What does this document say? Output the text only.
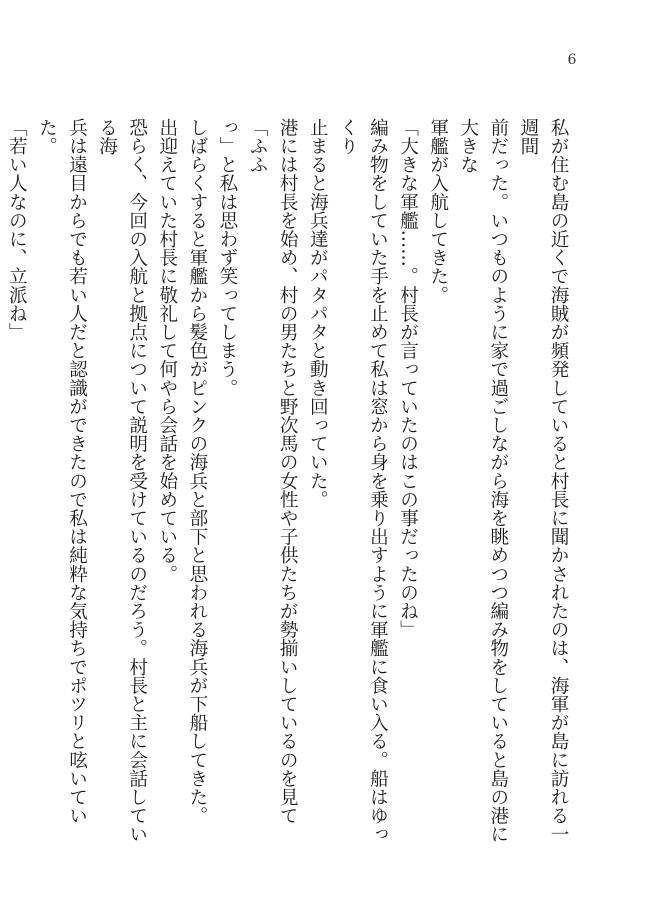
6

私が住む島の近くで海賊が頻発していると村長に聞かされたのは、海軍が島に訪れる一週間

前だった。いつものように家で過ごしながら海を眺めつつ編み物をしていると島の港に大きな

軍艦が入航してきた。

「大きな軍艦……。村長が言っていたのはこの事だったのね」

編み物をしていた手を止めて私は窓から身を乗り出すように軍艦に食い入る。船はゆっくり

止まると海兵達がパタパタと動き回っていた。

港には村長を始め、村の男たちと野次馬の女性や子供たちが勢揃いしているのを見て「ふふ

っ」と私は思わず笑ってしまう。

しばらくすると軍艦から髪色がピンクの海兵と部下と思われる海兵が下船してきた。

出迎えていた村長に敬礼して何やら会話を始めている。

恐らく、今回の入航と拠点について説明を受けているのだろう。村長と主に会話している海

兵は遠目からでも若い人だと認識ができたので私は純粋な気持ちでポツリと呟いていた。

「若い人なのに、立派ね」
